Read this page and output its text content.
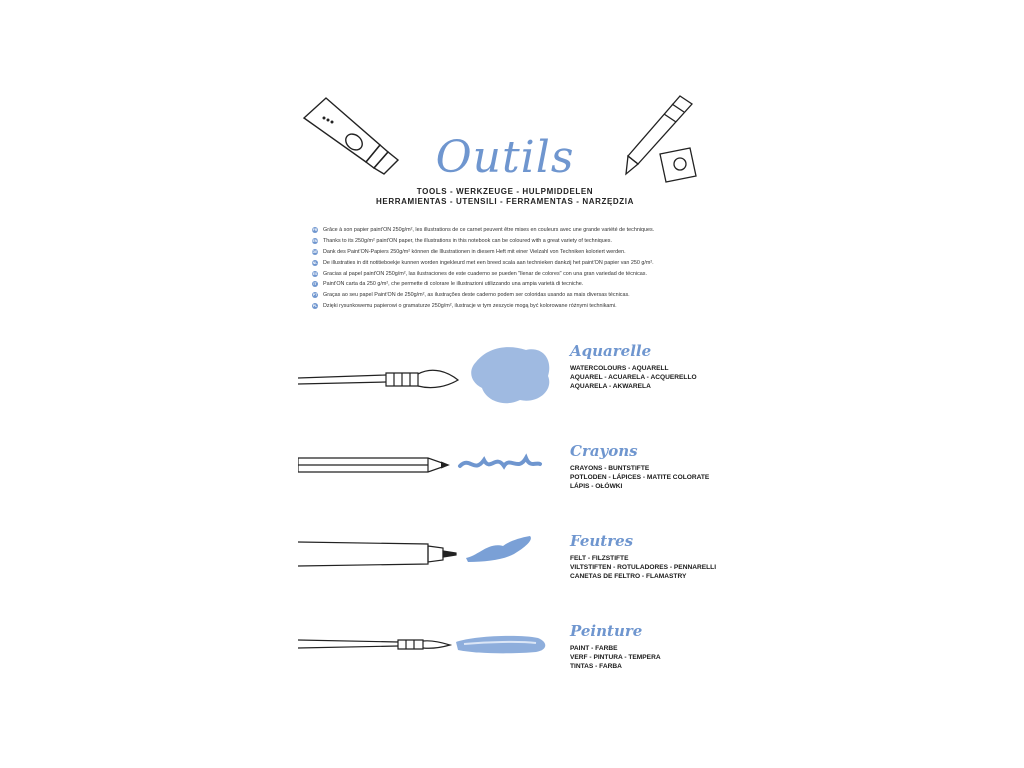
Outils
TOOLS - WERKZEUGE - HULPMIDDELEN
HERRAMIENTAS - UTENSILI - FERRAMENTAS - NARZĘDZIA
FR Grâce à son papier paint'ON 250g/m², les illustrations de ce carnet peuvent être mises en couleurs avec une grande variété de techniques.
EN Thanks to its 250g/m² paint'ON paper, the illustrations in this notebook can be coloured with a great variety of techniques.
DE Dank des Paint'ON-Papiers 250g/m² können die Illustrationen in diesem Heft mit einer Vielzahl von Techniken koloriert werden.
NL De illustraties in dit notitieboekje kunnen worden ingekleurd met een breed scala aan technieken dankzij het paint'ON papier van 250 g/m².
ES Gracias al papel paint'ON 250g/m², las ilustraciones de este cuaderno se pueden "llenar de colores" con una gran variedad de técnicas.
IT Paint'ON carta da 250 g/m², che permette di colorare le illustrazioni utilizzando una ampia varietà di tecniche.
PT Graças ao seu papel Paint'ON de 250g/m², as ilustrações deste caderno podem ser coloridas usando as mais diversas técnicas.
PL Dzięki rysunkowemu papierowi o gramaturze 250g/m², ilustracje w tym zeszycie mogą być kolorowane różnymi technikami.
Aquarelle
WATERCOLOURS - AQUARELL
AQUAREL - ACUARELA - ACQUERELLO
AQUARELA - AKWARELA
Crayons
CRAYONS - BUNTSTIFTE
POTLODEN - LÁPICES - MATITE COLORATE
LÁPIS - OŁÓWKI
Feutres
FELT - FILZSTIFTE
VILTSTIFTEN - ROTULADORES - PENNARELLI
CANETAS DE FELTRO - FLAMASTRY
Peinture
PAINT - FARBE
VERF - PINTURA - TEMPERA
TINTAS - FARBA
